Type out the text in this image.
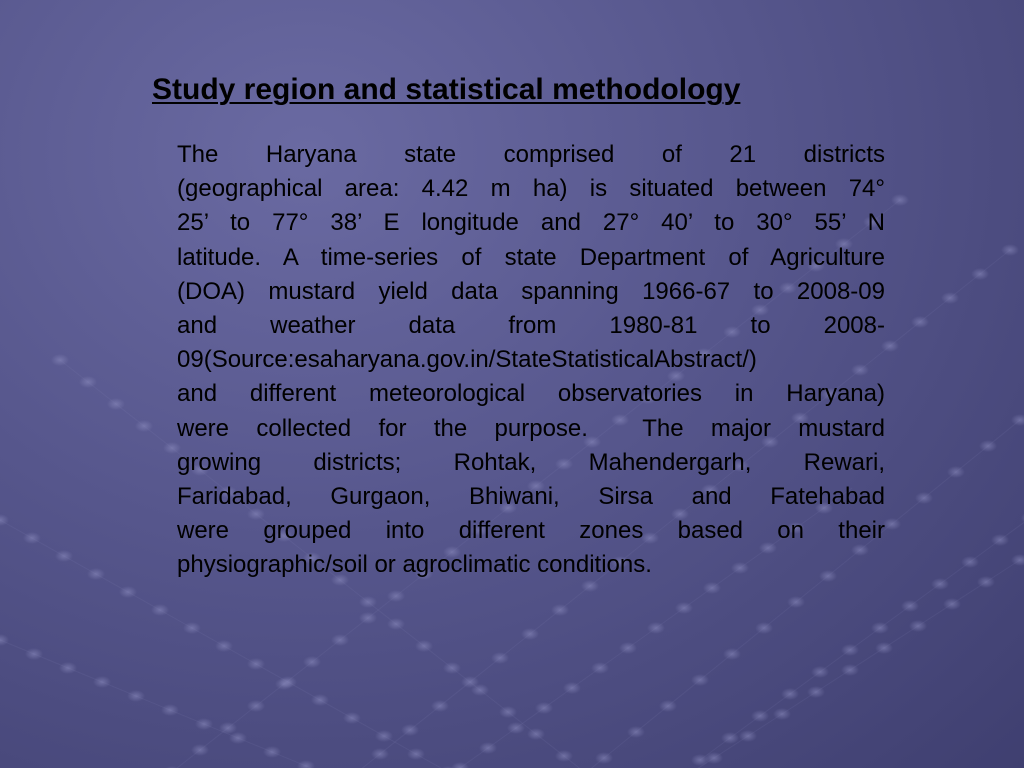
Study region and statistical methodology
The Haryana state comprised of 21 districts
(geographical area: 4.42 m ha) is situated between 74°
25’ to 77° 38’ E longitude and 27° 40’ to 30° 55’ N
latitude. A time-series of state Department of Agriculture
(DOA) mustard yield data spanning 1966-67 to 2008-09
and weather data from 1980-81 to 2008-
09(Source:esaharyana.gov.in/StateStatisticalAbstract/)
and different meteorological observatories in Haryana)
were collected for the purpose.  The major mustard
growing districts; Rohtak, Mahendergarh, Rewari,
Faridabad, Gurgaon, Bhiwani, Sirsa and Fatehabad
were grouped into different zones based on their
physiographic/soil or agroclimatic conditions.
